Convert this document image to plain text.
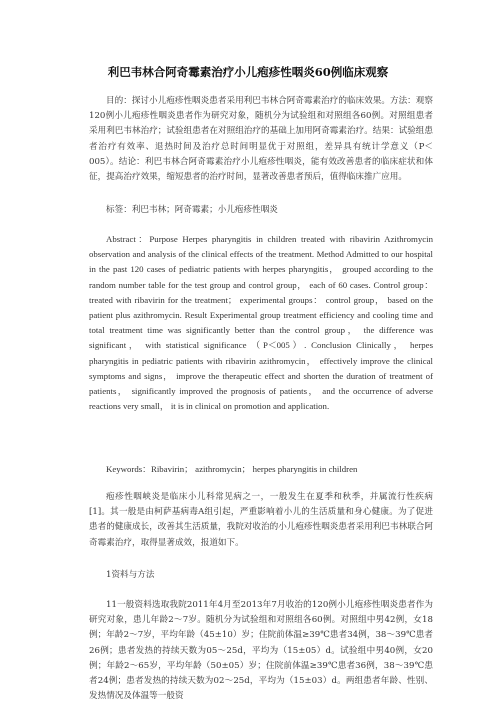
利巴韦林合阿奇霉素治疗小儿疱疹性咽炎60例临床观察

目的：探讨小儿疱疹性咽炎患者采用利巴韦林合阿奇霉素治疗的临床效果。方法：观察120例小儿疱疹性咽炎患者作为研究对象，随机分为试验组和对照组各60例。对照组患者采用利巴韦林治疗；试验组患者在对照组治疗的基础上加用阿奇霉素治疗。结果：试验组患者治疗有效率、退热时间及治疗总时间明显优于对照组，差异具有统计学意义（P＜005）。结论：利巴韦林合阿奇霉素治疗小儿疱疹性咽炎，能有效改善患者的临床症状和体征，提高治疗效果，缩短患者的治疗时间，显著改善患者预后，值得临床推广应用。

标签：利巴韦林；阿奇霉素；小儿疱疹性咽炎

Abstract：Purpose Herpes pharyngitis in children treated with ribavirin Azithromycin observation and analysis of the clinical effects of the treatment. Method Admitted to our hospital in the past 120 cases of pediatric patients with herpes pharyngitis， grouped according to the random number table for the test group and control group， each of 60 cases. Control group： treated with ribavirin for the treatment； experimental groups： control group， based on the patient plus azithromycin. Result Experimental group treatment efficiency and cooling time and total treatment time was significantly better than the control group， the difference was significant， with statistical significance （P＜005）. Conclusion Clinically， herpes pharyngitis in pediatric patients with ribavirin azithromycin， effectively improve the clinical symptoms and signs， improve the therapeutic effect and shorten the duration of treatment of patients， significantly improved the prognosis of patients， and the occurrence of adverse reactions very small， it is in clinical on promotion and application.

Keywords：Ribavirin； azithromycin； herpes pharyngitis in children

疱疹性咽峡炎是临床小儿科常见病之一，一般发生在夏季和秋季，并属流行性疾病[1]。其一般是由柯萨基病毒A组引起，严重影响着小儿的生活质量和身心健康。为了促进患者的健康成长，改善其生活质量，我院对收治的小儿疱疹性咽炎患者采用利巴韦林联合阿奇霉素治疗，取得显著成效，报道如下。

1资料与方法

11一般资料选取我院2011年4月至2013年7月收治的120例小儿疱疹性咽炎患者作为研究对象，患儿年龄2～7岁。随机分为试验组和对照组各60例。对照组中男42例，女18例；年龄2～7岁，平均年龄（45±10）岁；住院前体温≥39℃患者34例，38～39℃患者26例；患者发热的持续天数为05～25d，平均为（15±05）d。试验组中男40例，女20例；年龄2～65岁，平均年龄（50±05）岁；住院前体温≥39℃患者36例，38～39℃患者24例；患者发热的持续天数为02～25d，平均为（15±03）d。两组患者年龄、性别、发热情况及体温等一般资
